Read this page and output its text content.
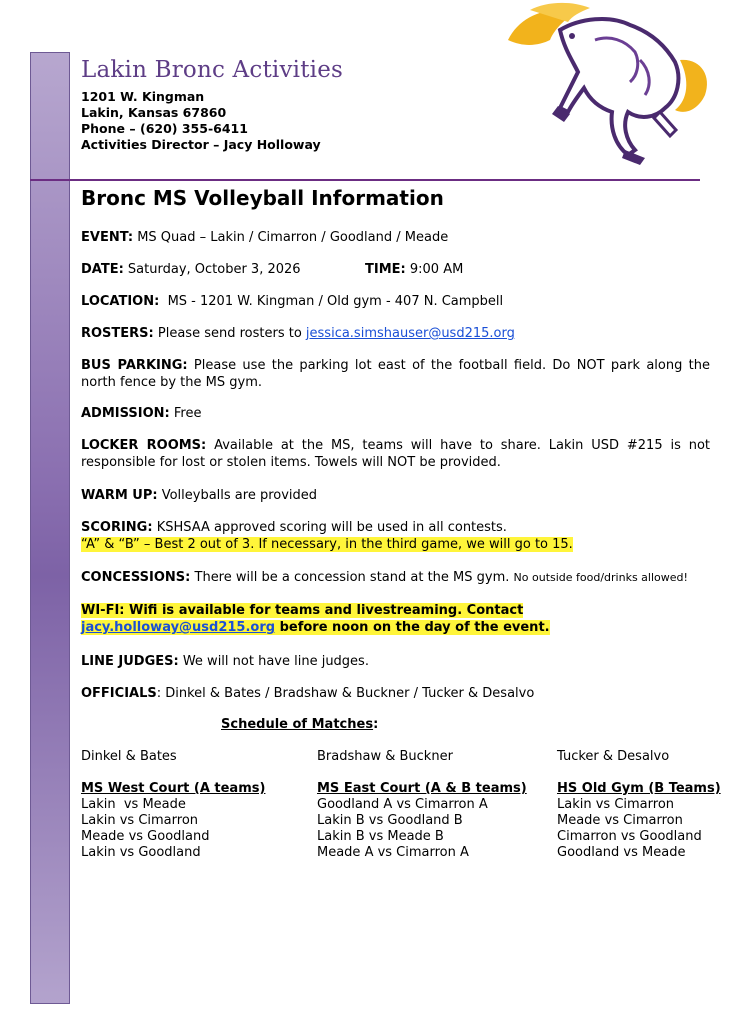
Lakin Bronc Activities
1201 W. Kingman
Lakin, Kansas 67860
Phone – (620) 355-6411
Activities Director – Jacy Holloway
Bronc MS Volleyball Information
EVENT: MS Quad – Lakin / Cimarron / Goodland / Meade
DATE: Saturday, October 3, 2026	TIME: 9:00 AM
LOCATION:  MS - 1201 W. Kingman / Old gym - 407 N. Campbell
ROSTERS: Please send rosters to jessica.simshauser@usd215.org
BUS PARKING: Please use the parking lot east of the football field. Do NOT park along the north fence by the MS gym.
ADMISSION: Free
LOCKER ROOMS: Available at the MS, teams will have to share. Lakin USD #215 is not responsible for lost or stolen items. Towels will NOT be provided.
WARM UP: Volleyballs are provided
SCORING: KSHSAA approved scoring will be used in all contests.
“A” & “B” – Best 2 out of 3. If necessary, in the third game, we will go to 15.
CONCESSIONS: There will be a concession stand at the MS gym. No outside food/drinks allowed!
WI-FI: Wifi is available for teams and livestreaming. Contact jacy.holloway@usd215.org before noon on the day of the event.
LINE JUDGES: We will not have line judges.
OFFICIALS: Dinkel & Bates / Bradshaw & Buckner / Tucker & Desalvo
Schedule of Matches:
Dinkel & Bates
MS West Court (A teams)
Lakin  vs Meade
Lakin vs Cimarron
Meade vs Goodland
Lakin vs Goodland
Bradshaw & Buckner
MS East Court (A & B teams)
Goodland A vs Cimarron A
Lakin B vs Goodland B
Lakin B vs Meade B
Meade A vs Cimarron A
Tucker & Desalvo
HS Old Gym (B Teams)
Lakin vs Cimarron
Meade vs Cimarron
Cimarron vs Goodland
Goodland vs Meade
